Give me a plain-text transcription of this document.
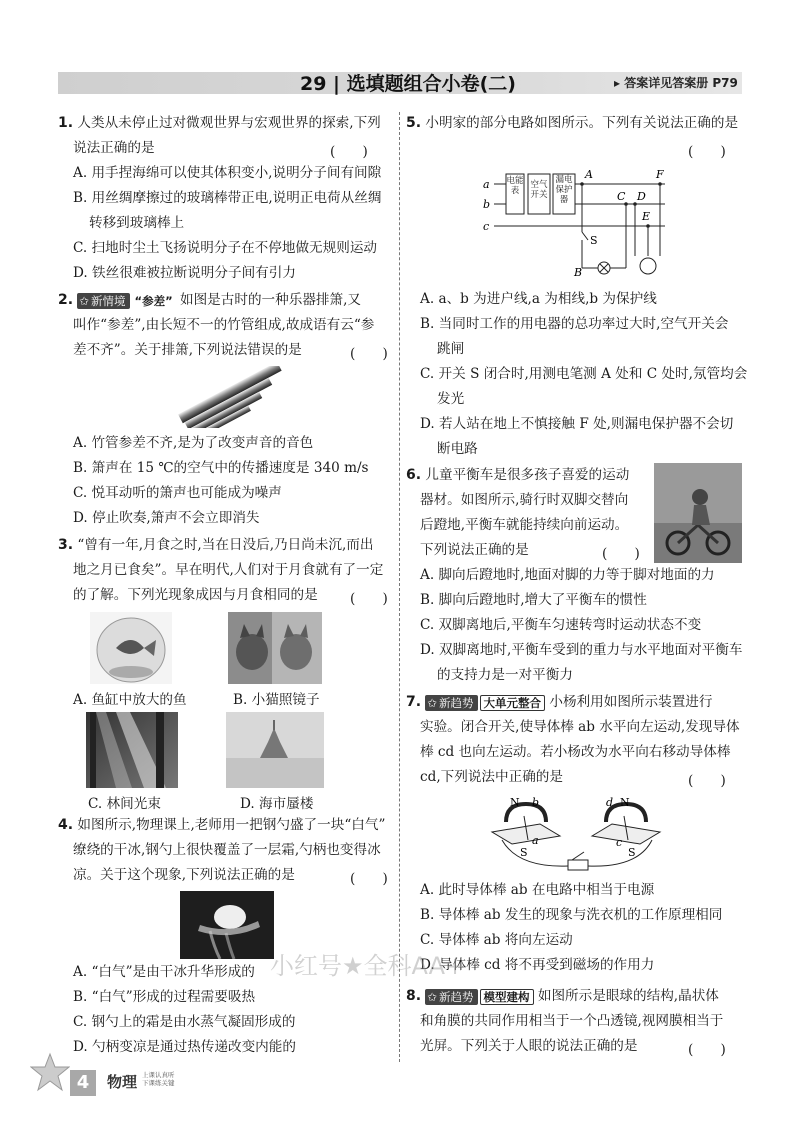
29 | 选填题组合小卷(二)	▸ 答案详见答案册 P79
1. 人类从未停止过对微观世界与宏观世界的探索,下列
说法正确的是	(　　)
A. 用手捏海绵可以使其体积变小,说明分子间有间隙
B. 用丝绸摩擦过的玻璃棒带正电,说明正电荷从丝绸
转移到玻璃棒上
C. 扫地时尘土飞扬说明分子在不停地做无规则运动
D. 铁丝很难被拉断说明分子间有引力
2. ✩ 新情境 “参差” 如图是古时的一种乐器排箫,又
叫作“参差”,由长短不一的竹管组成,故成语有云“参
差不齐”。关于排箫,下列说法错误的是	(　　)
A. 竹管参差不齐,是为了改变声音的音色
B. 箫声在 15 ℃的空气中的传播速度是 340 m/s
C. 悦耳动听的箫声也可能成为噪声
D. 停止吹奏,箫声不会立即消失
3. “曾有一年,月食之时,当在日没后,乃日尚未沉,而出
地之月已食矣”。早在明代,人们对于月食就有了一定
的了解。下列光现象成因与月食相同的是 (　　)
A. 鱼缸中放大的鱼	B. 小猫照镜子
C. 林间光束	D. 海市蜃楼
4. 如图所示,物理课上,老师用一把钢勺盛了一块“白气”
缭绕的干冰,钢勺上很快覆盖了一层霜,勺柄也变得冰
凉。关于这个现象,下列说法正确的是	(　　)
A. “白气”是由干冰升华形成的
B. “白气”形成的过程需要吸热
C. 钢勺上的霜是由水蒸气凝固形成的
D. 勺柄变凉是通过热传递改变内能的
5. 小明家的部分电路如图所示。下列有关说法正确的是
(　　)
a
b
c
A
B
C D
E
F
S
电能表
空气开关
漏电保护器
A. a、b 为进户线,a 为相线,b 为保护线
B. 当同时工作的用电器的总功率过大时,空气开关会
跳闸
C. 开关 S 闭合时,用测电笔测 A 处和 C 处时,氖管均会
发光
D. 若人站在地上不慎接触 F 处,则漏电保护器不会切
断电路
6. 儿童平衡车是很多孩子喜爱的运动
器材。如图所示,骑行时双脚交替向
后蹬地,平衡车就能持续向前运动。
下列说法正确的是	(　　)
A. 脚向后蹬地时,地面对脚的力等于脚对地面的力
B. 脚向后蹬地时,增大了平衡车的惯性
C. 双脚离地后,平衡车匀速转弯时运动状态不变
D. 双脚离地时,平衡车受到的重力与水平地面对平衡车
的支持力是一对平衡力
7. ✩ 新趋势 大单元整合 小杨利用如图所示装置进行
实验。闭合开关,使导体棒 ab 水平向左运动,发现导体
棒 cd 也向左运动。若小杨改为水平向右移动导体棒
cd,下列说法中正确的是	(　　)
N b
S
a
d N
c
S
A. 此时导体棒 ab 在电路中相当于电源
B. 导体棒 ab 发生的现象与洗衣机的工作原理相同
C. 导体棒 ab 将向左运动
D. 导体棒 cd 将不再受到磁场的作用力
8. ✩ 新趋势 模型建构 如图所示是眼球的结构,晶状体
和角膜的共同作用相当于一个凸透镜,视网膜相当于
光屏。下列关于人眼的说法正确的是	(　　)
小红号★全科AA+
4	物理 上课认真听
下课练关键
